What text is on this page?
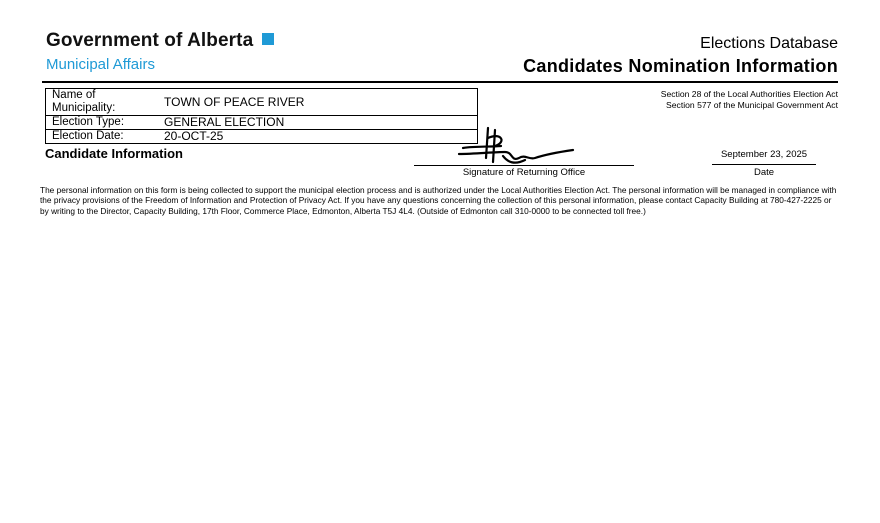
Government of Alberta
Municipal Affairs
Elections Database
Candidates Nomination Information
Name of Municipality:	TOWN OF PEACE RIVER
Election Type:	GENERAL ELECTION
Election Date:	20-OCT-25
Section 28 of the Local Authorities Election Act
Section 577 of the Municipal Government Act
Candidate Information
Signature of Returning Office
September 23, 2025
Date
The personal information on this form is being collected to support the municipal election process and is authorized under the Local Authorities Election Act. The personal information will be managed in compliance with the privacy provisions of the Freedom of Information and Protection of Privacy Act. If you have any questions concerning the collection of this personal information, please contact Capacity Building at 780-427-2225 or by writing to the Director, Capacity Building, 17th Floor, Commerce Place, Edmonton, Alberta T5J 4L4. (Outside of Edmonton call 310-0000 to be connected toll free.)
